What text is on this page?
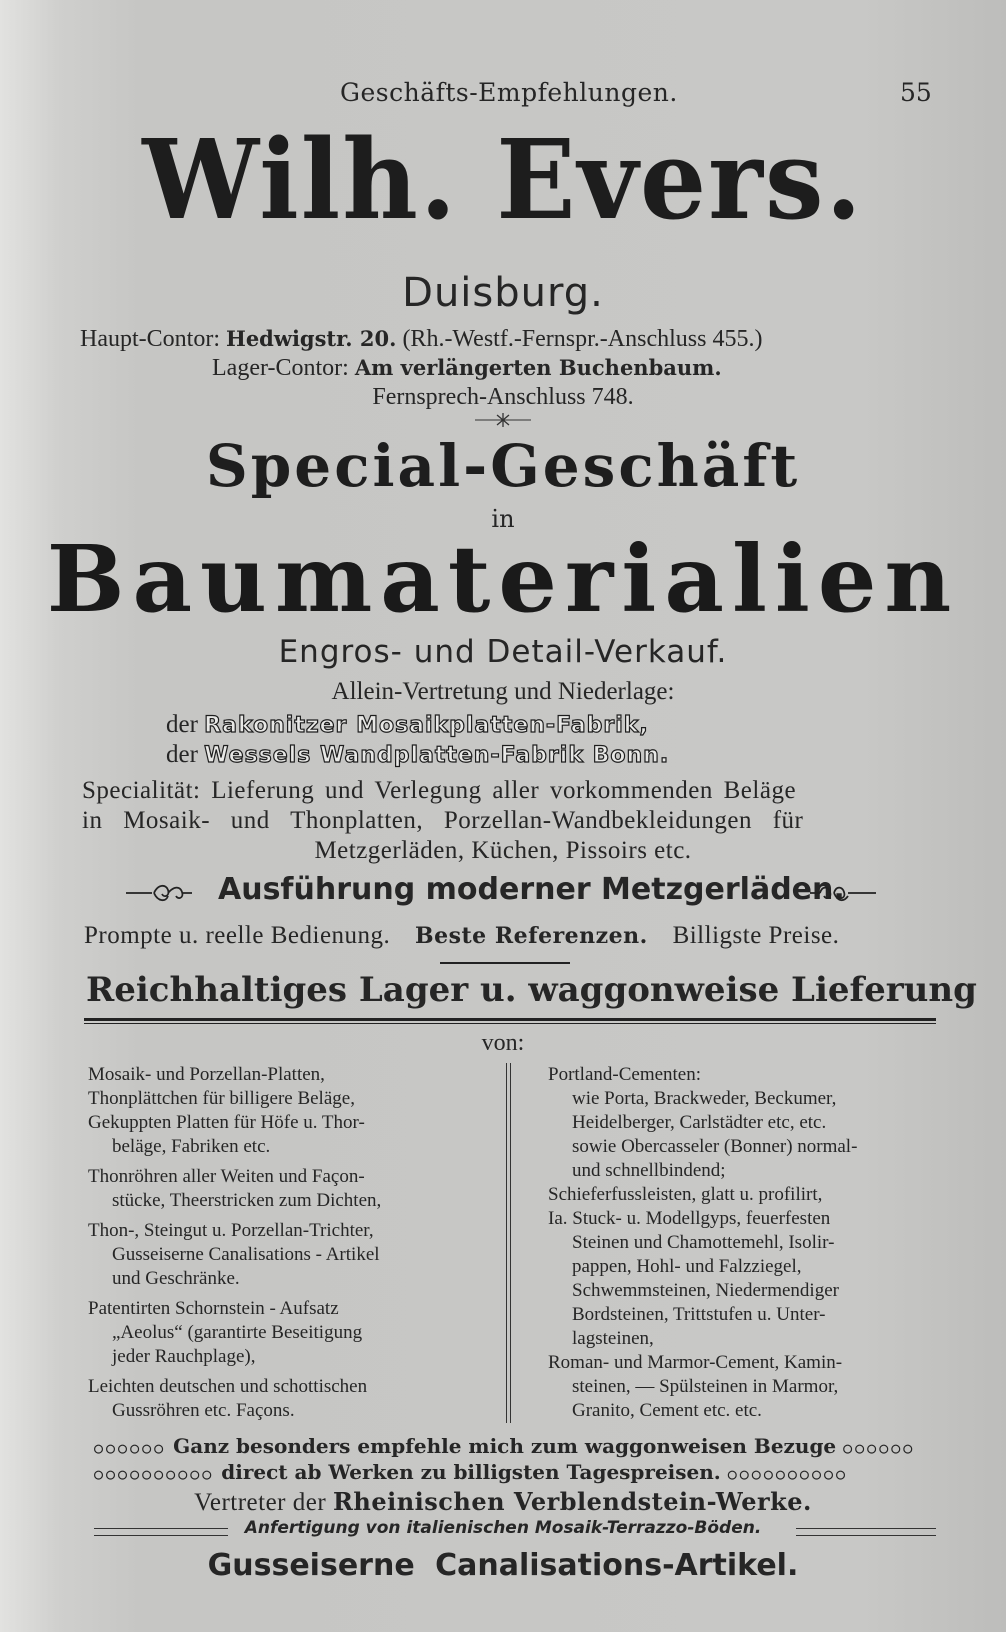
Geschäfts-Empfehlungen.	55
Wilh. Evers.
Duisburg.
Haupt-Contor: Hedwigstr. 20. (Rh.-Westf.-Fernspr.-Anschluss 455.)
Lager-Contor: Am verlängerten Buchenbaum.
Fernsprech-Anschluss 748.
Special-Geschäft
in
Baumaterialien
Engros- und Detail-Verkauf.
Allein-Vertretung und Niederlage:
der Rakonitzer Mosaikplatten-Fabrik,
der Wessels Wandplatten-Fabrik Bonn.
Specialität: Lieferung und Verlegung aller vorkommenden Beläge
in Mosaik- und Thonplatten, Porzellan-Wandbekleidungen für
Metzgerläden, Küchen, Pissoirs etc.
Ausführung moderner Metzgerläden.
Prompte u. reelle Bedienung. Beste Referenzen. Billigste Preise.
Reichhaltiges Lager u. waggonweise Lieferung
von:
Mosaik- und Porzellan-Platten,
Thonplättchen für billigere Beläge,
Gekuppten Platten für Höfe u. Thor-
beläge, Fabriken etc.
Thonröhren aller Weiten und Façon-
stücke, Theerstricken zum Dichten,
Thon-, Steingut u. Porzellan-Trichter,
Gusseiserne Canalisations - Artikel
und Geschränke.
Patentirten Schornstein - Aufsatz
„Aeolus“ (garantirte Beseitigung
jeder Rauchplage),
Leichten deutschen und schottischen
Gussröhren etc. Façons.
Portland-Cementen:
wie Porta, Brackweder, Beckumer,
Heidelberger, Carlstädter etc, etc.
sowie Obercasseler (Bonner) normal-
und schnellbindend;
Schieferfussleisten, glatt u. profilirt,
Ia. Stuck- u. Modellgyps, feuerfesten
Steinen und Chamottemehl, Isolir-
pappen, Hohl- und Falzziegel,
Schwemmsteinen, Niedermendiger
Bordsteinen, Trittstufen u. Unter-
lagsteinen,
Roman- und Marmor-Cement, Kamin-
steinen, — Spülsteinen in Marmor,
Granito, Cement etc. etc.
○○○○○○ Ganz besonders empfehle mich zum waggonweisen Bezuge ○○○○○○
○○○○○○○○○○ direct ab Werken zu billigsten Tagespreisen. ○○○○○○○○○○
Vertreter der Rheinischen Verblendstein-Werke.
Anfertigung von italienischen Mosaik-Terrazzo-Böden.
Gusseiserne Canalisations-Artikel.
